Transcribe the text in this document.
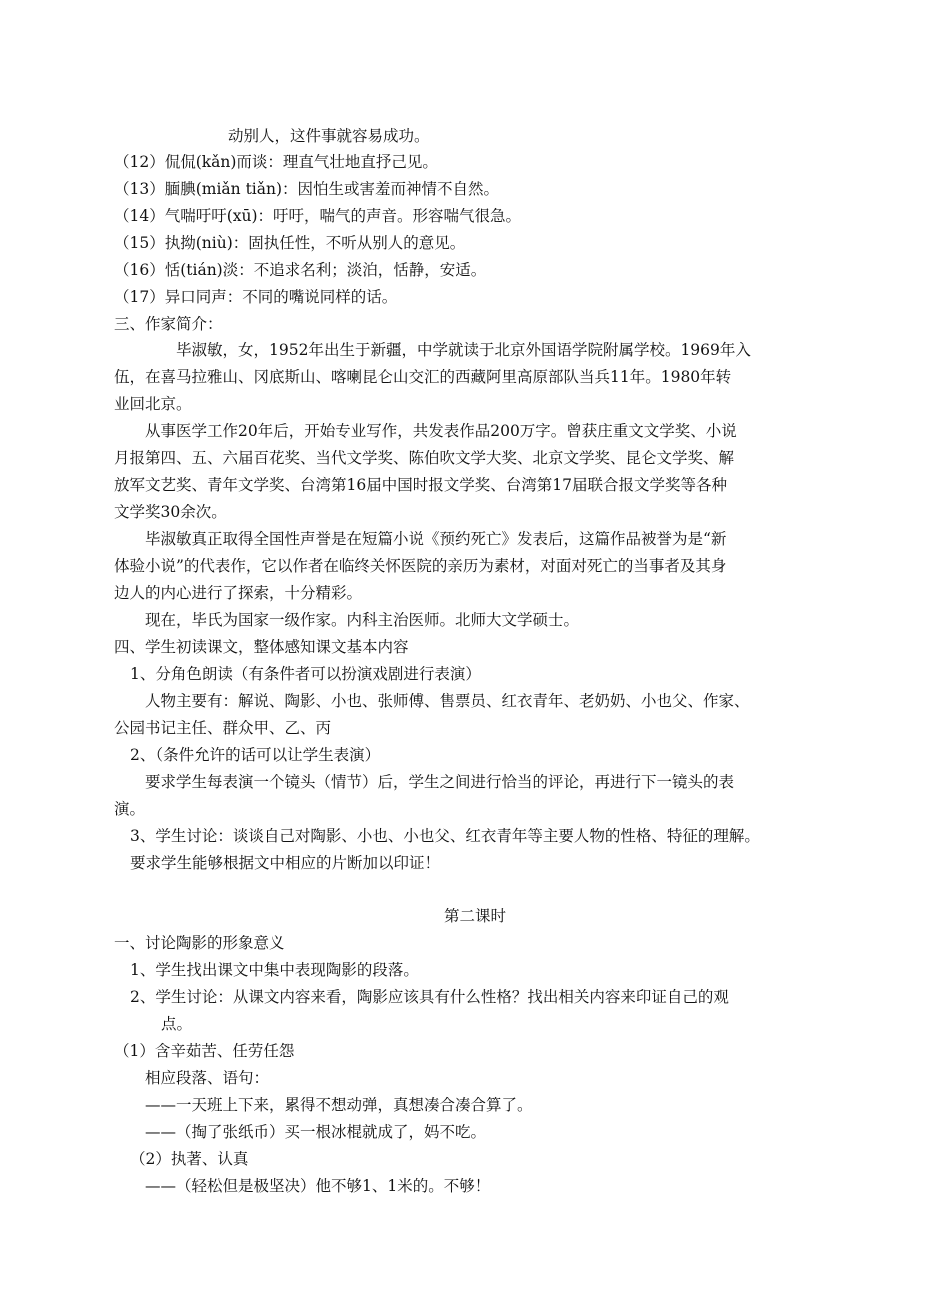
动别人，这件事就容易成功。
（12）侃侃(kǎn)而谈：理直气壮地直抒己见。
（13）腼腆(miǎn tiǎn)：因怕生或害羞而神情不自然。
（14）气喘吁吁(xū)：吁吁，喘气的声音。形容喘气很急。
（15）执拗(niù)：固执任性，不听从别人的意见。
（16）恬(tián)淡：不追求名利；淡泊，恬静，安适。
（17）异口同声：不同的嘴说同样的话。
三、作家简介：
毕淑敏，女，1952年出生于新疆，中学就读于北京外国语学院附属学校。1969年入
伍，在喜马拉雅山、冈底斯山、喀喇昆仑山交汇的西藏阿里高原部队当兵11年。1980年转
业回北京。
从事医学工作20年后，开始专业写作，共发表作品200万字。曾获庄重文文学奖、小说
月报第四、五、六届百花奖、当代文学奖、陈伯吹文学大奖、北京文学奖、昆仑文学奖、解
放军文艺奖、青年文学奖、台湾第16届中国时报文学奖、台湾第17届联合报文学奖等各种
文学奖30余次。
毕淑敏真正取得全国性声誉是在短篇小说《预约死亡》发表后，这篇作品被誉为是“新
体验小说”的代表作，它以作者在临终关怀医院的亲历为素材，对面对死亡的当事者及其身
边人的内心进行了探索，十分精彩。
现在，毕氏为国家一级作家。内科主治医师。北师大文学硕士。
四、学生初读课文，整体感知课文基本内容
1、分角色朗读（有条件者可以扮演戏剧进行表演）
人物主要有：解说、陶影、小也、张师傅、售票员、红衣青年、老奶奶、小也父、作家、
公园书记主任、群众甲、乙、丙
2、（条件允许的话可以让学生表演）
要求学生每表演一个镜头（情节）后，学生之间进行恰当的评论，再进行下一镜头的表
演。
3、学生讨论：谈谈自己对陶影、小也、小也父、红衣青年等主要人物的性格、特征的理解。
要求学生能够根据文中相应的片断加以印证！
第二课时
一、讨论陶影的形象意义
1、学生找出课文中集中表现陶影的段落。
2、学生讨论：从课文内容来看，陶影应该具有什么性格？找出相关内容来印证自己的观
点。
（1）含辛茹苦、任劳任怨
相应段落、语句：
——一天班上下来，累得不想动弹，真想凑合凑合算了。
——（掏了张纸币）买一根冰棍就成了，妈不吃。
（2）执著、认真
——（轻松但是极坚决）他不够1、1米的。不够！
